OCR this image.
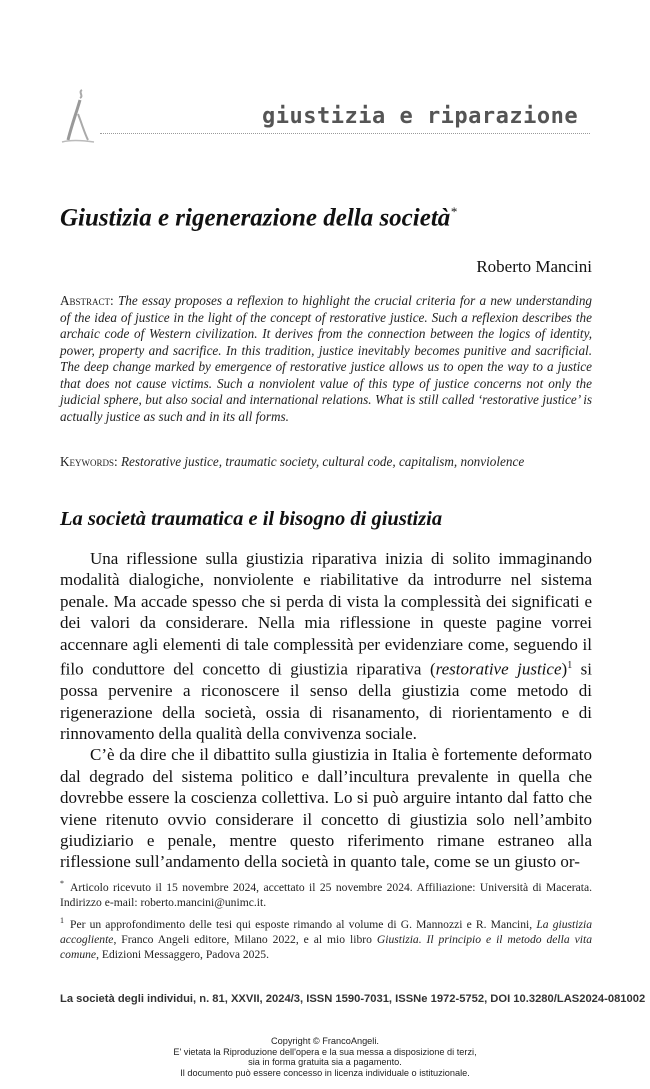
giustizia e riparazione
Giustizia e rigenerazione della società*
Roberto Mancini

Abstract: The essay proposes a reflexion to highlight the crucial criteria for a new understanding of the idea of justice in the light of the concept of restorative justice. Such a reflexion describes the archaic code of Western civilization. It derives from the connection between the logics of identity, power, property and sacrifice. In this tradition, justice inevitably becomes punitive and sacrificial. The deep change marked by emergence of restorative justice allows us to open the way to a justice that does not cause victims. Such a nonviolent value of this type of justice concerns not only the judicial sphere, but also social and international relations. What is still called ‘restorative justice’ is actually justice as such and in its all forms.

Keywords: Restorative justice, traumatic society, cultural code, capitalism, nonviolence

La società traumatica e il bisogno di giustizia

Una riflessione sulla giustizia riparativa inizia di solito immaginando modalità dialogiche, nonviolente e riabilitative da introdurre nel sistema penale. Ma accade spesso che si perda di vista la complessità dei significati e dei valori da considerare. Nella mia riflessione in queste pagine vorrei accennare agli elementi di tale complessità per evidenziare come, seguendo il filo conduttore del concetto di giustizia riparativa (restorative justice)$^1$ si possa pervenire a riconoscere il senso della giustizia come metodo di rigenerazione della società, ossia di risanamento, di riorientamento e di rinnovamento della qualità della convivenza sociale.

C’è da dire che il dibattito sulla giustizia in Italia è fortemente deformato dal degrado del sistema politico e dall’incultura prevalente in quella che dovrebbe essere la coscienza collettiva. Lo si può arguire intanto dal fatto che viene ritenuto ovvio considerare il concetto di giustizia solo nell’ambito giudiziario e penale, mentre questo riferimento rimane estraneo alla riflessione sull’andamento della società in quanto tale, come se un giusto or-

* Articolo ricevuto il 15 novembre 2024, accettato il 25 novembre 2024. Affiliazione: Università di Macerata. Indirizzo e-mail: roberto.mancini@unimc.it.

$^1$ Per un approfondimento delle tesi qui esposte rimando al volume di G. Mannozzi e R. Mancini, La giustizia accogliente, Franco Angeli editore, Milano 2022, e al mio libro Giustizia. Il principio e il metodo della vita comune, Edizioni Messaggero, Padova 2025.

La società degli individui, n. 81, XXVII, 2024/3, ISSN 1590-7031, ISSNe 1972-5752, DOI 10.3280/LAS2024-081002
Copyright © FrancoAngeli.
E' vietata la Riproduzione dell'opera e la sua messa a disposizione di terzi,
sia in forma gratuita sia a pagamento.
Il documento può essere concesso in licenza individuale o istituzionale.
